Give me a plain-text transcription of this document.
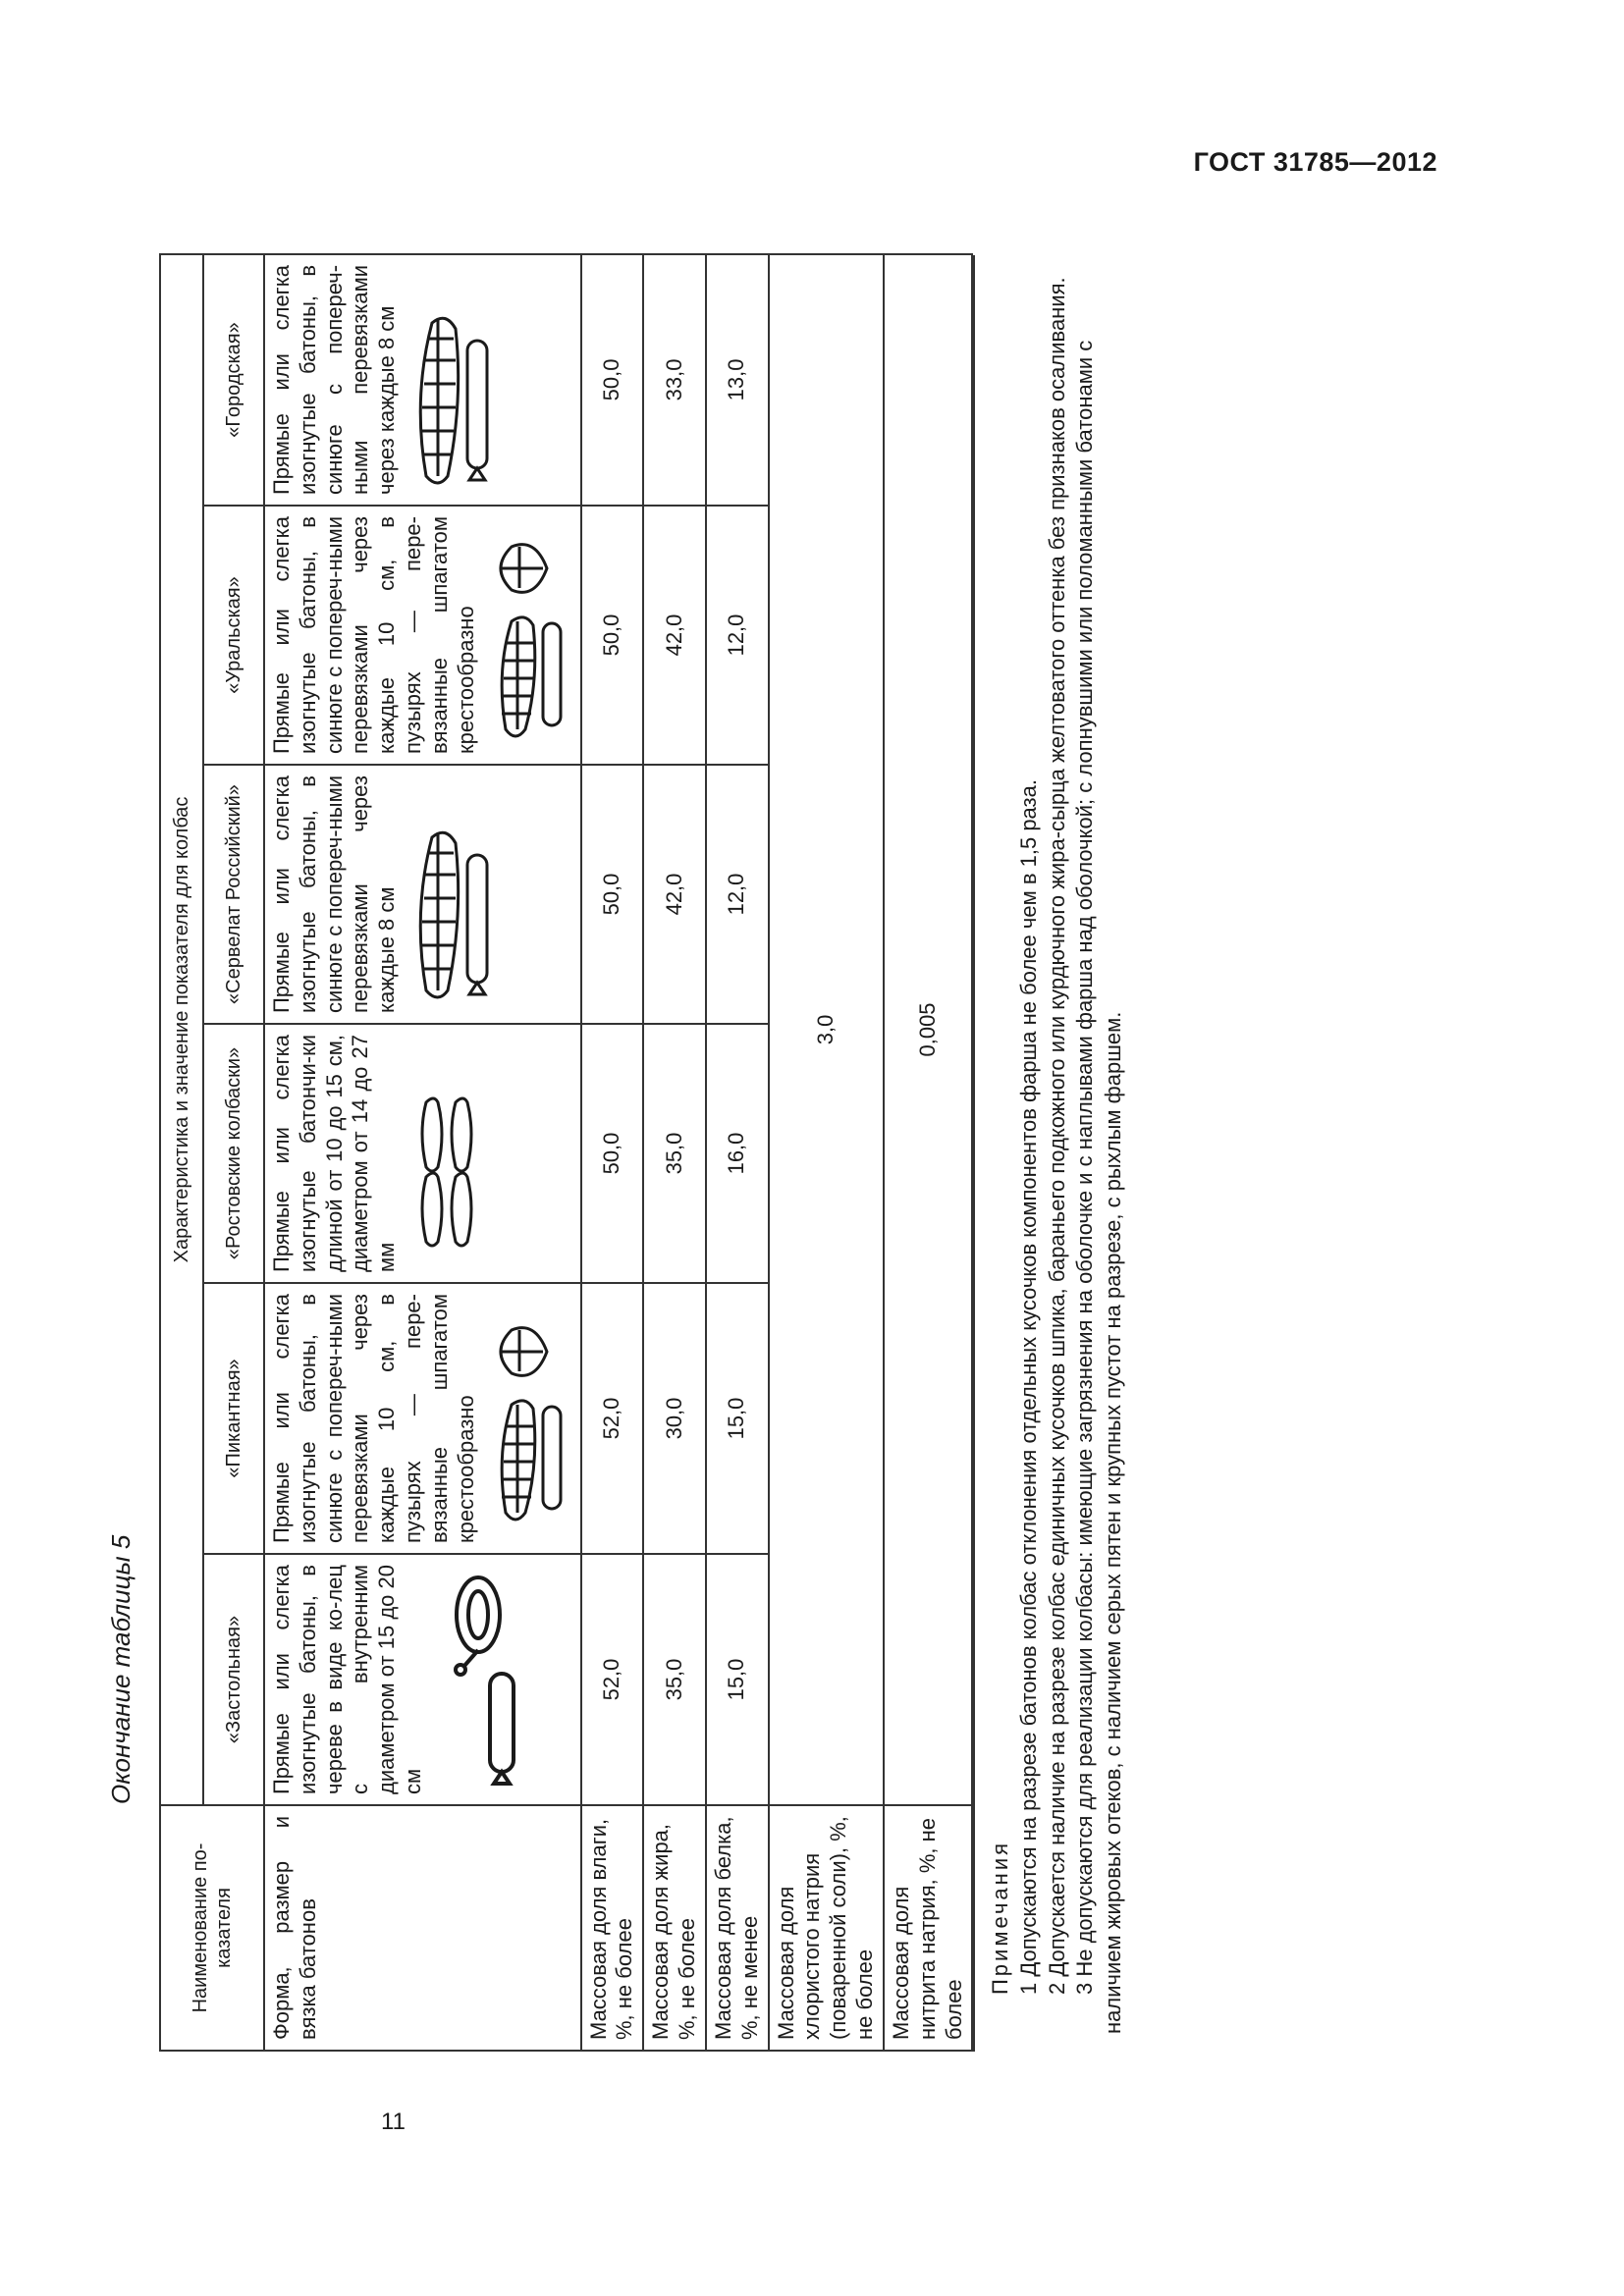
ГОСТ 31785—2012
Окончание таблицы 5
11
Наименование по-казателя	Характеристика и значение показателя для колбас					
	«Застольная»	«Пикантная»	«Ростовские колбаски»	«Сервелат Российский»	«Уральская»	«Городская»
Форма, размер и вязка батонов	Прямые или слегка изогнутые батоны, в черeве в виде ко-лец с внутренним диаметром от 15 до 20 см	Прямые или слегка изогнутые батоны, в синюге с попереч-ными перевязками через каждые 10 см, в пузырях — пере-вязанные шпагатом крестообразно	Прямые или слегка изогнутые батончи-ки длиной от 10 до 15 см, диаметром от 14 до 27 мм	Прямые или слегка изогнутые батоны, в синюге с попереч-ными перевязками через каждые 8 см	Прямые или слегка изогнутые батоны, в синюге с попереч-ными перевязками через каждые 10 см, в пузырях — пере-вязанные шпагатом крестообразно	Прямые или слегка изогнутые батоны, в синюге с попереч-ными перевязками через каждые 8 см

Массовая доля влаги, %, не более	52,0	52,0	50,0	50,0	50,0	50,0
Массовая доля жира, %, не более	35,0	30,0	35,0	42,0	42,0	33,0
Массовая доля белка, %, не менее	15,0	15,0	16,0	12,0	12,0	13,0
Массовая доля хлористого натрия (поваренной соли), %, не более	3,0					
Массовая доля нитрита натрия, %, не более	0,005					

Примечания 1 Допускаются на разрезе батонов колбас отклонения отдельных кусочков компонентов фарша не более чем в 1,5 раза. 2 Допускается наличие на разрезе колбас единичных кусочков шпика, бараньего подкожного или курдючного жира-сырца желтоватого оттенка без признаков осаливания. 3 Не допускаются для реализации колбасы: имеющие загрязнения на оболочке и с наплывами фарша над оболочкой; с лопнувшими или поломанными батонами с наличием жировых отеков, с наличием серых пятен и крупных пустот на разрезе, с рыхлым фаршем.
